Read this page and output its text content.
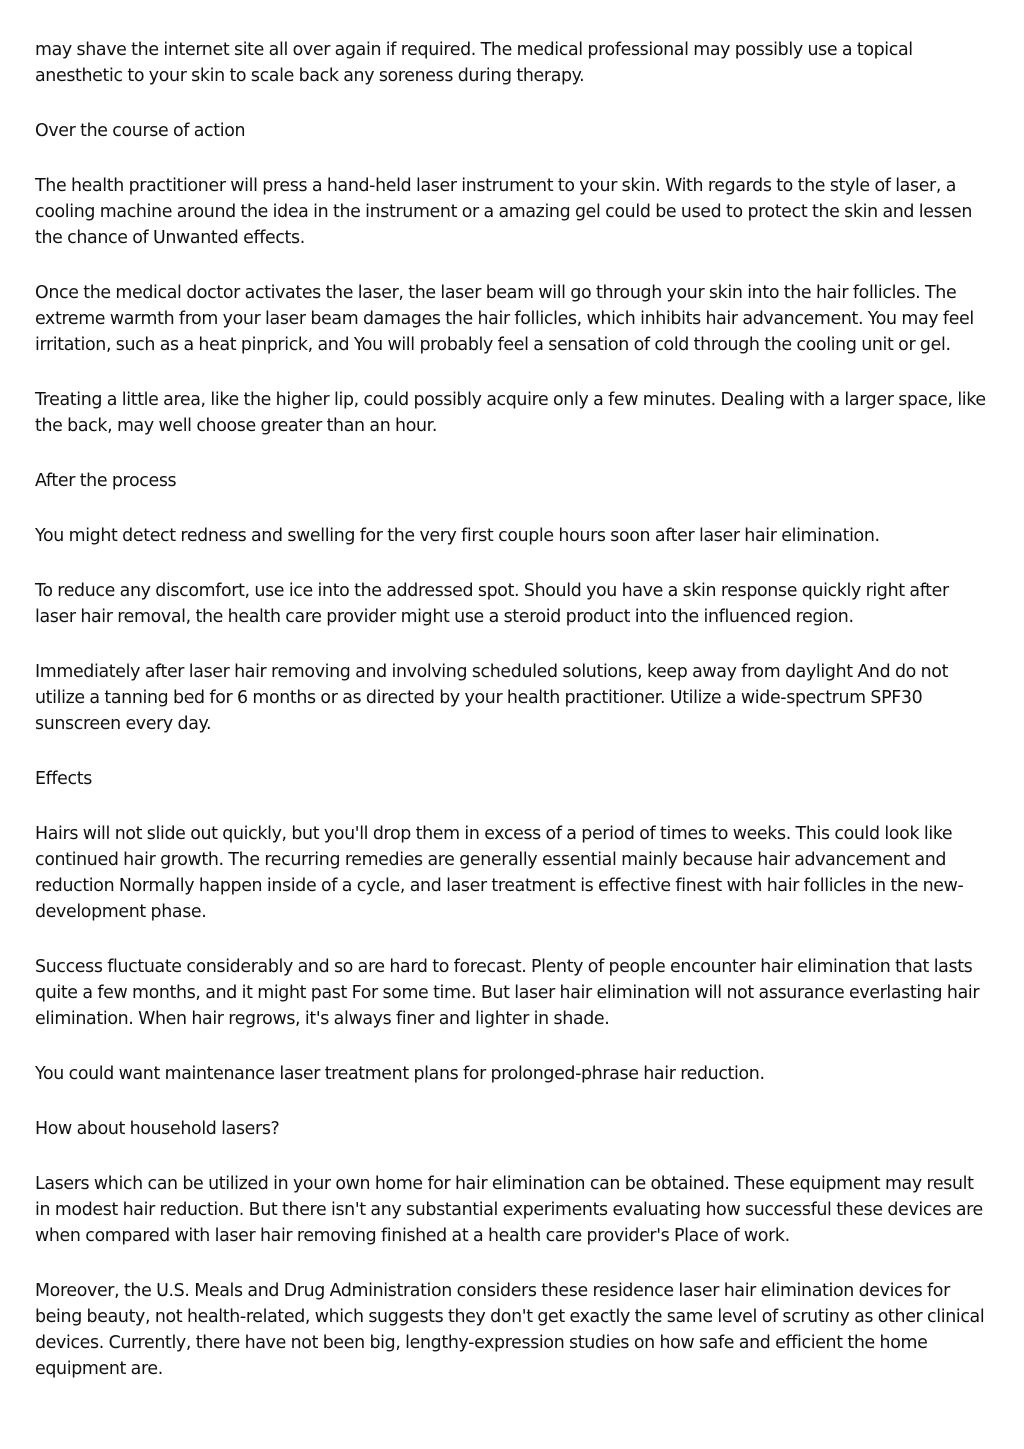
may shave the internet site all over again if required. The medical professional may possibly use a topical anesthetic to your skin to scale back any soreness during therapy.

Over the course of action

The health practitioner will press a hand-held laser instrument to your skin. With regards to the style of laser, a cooling machine around the idea in the instrument or a amazing gel could be used to protect the skin and lessen the chance of Unwanted effects.

Once the medical doctor activates the laser, the laser beam will go through your skin into the hair follicles. The extreme warmth from your laser beam damages the hair follicles, which inhibits hair advancement. You may feel irritation, such as a heat pinprick, and You will probably feel a sensation of cold through the cooling unit or gel.

Treating a little area, like the higher lip, could possibly acquire only a few minutes. Dealing with a larger space, like the back, may well choose greater than an hour.

After the process

You might detect redness and swelling for the very first couple hours soon after laser hair elimination.

To reduce any discomfort, use ice into the addressed spot. Should you have a skin response quickly right after laser hair removal, the health care provider might use a steroid product into the influenced region.

Immediately after laser hair removing and involving scheduled solutions, keep away from daylight And do not utilize a tanning bed for 6 months or as directed by your health practitioner. Utilize a wide-spectrum SPF30 sunscreen every day.

Effects

Hairs will not slide out quickly, but you'll drop them in excess of a period of times to weeks. This could look like continued hair growth. The recurring remedies are generally essential mainly because hair advancement and reduction Normally happen inside of a cycle, and laser treatment is effective finest with hair follicles in the new-development phase.

Success fluctuate considerably and so are hard to forecast. Plenty of people encounter hair elimination that lasts quite a few months, and it might past For some time. But laser hair elimination will not assurance everlasting hair elimination. When hair regrows, it's always finer and lighter in shade.

You could want maintenance laser treatment plans for prolonged-phrase hair reduction.

How about household lasers?

Lasers which can be utilized in your own home for hair elimination can be obtained. These equipment may result in modest hair reduction. But there isn't any substantial experiments evaluating how successful these devices are when compared with laser hair removing finished at a health care provider's Place of work.

Moreover, the U.S. Meals and Drug Administration considers these residence laser hair elimination devices for being beauty, not health-related, which suggests they don't get exactly the same level of scrutiny as other clinical devices. Currently, there have not been big, lengthy-expression studies on how safe and efficient the home equipment are.
